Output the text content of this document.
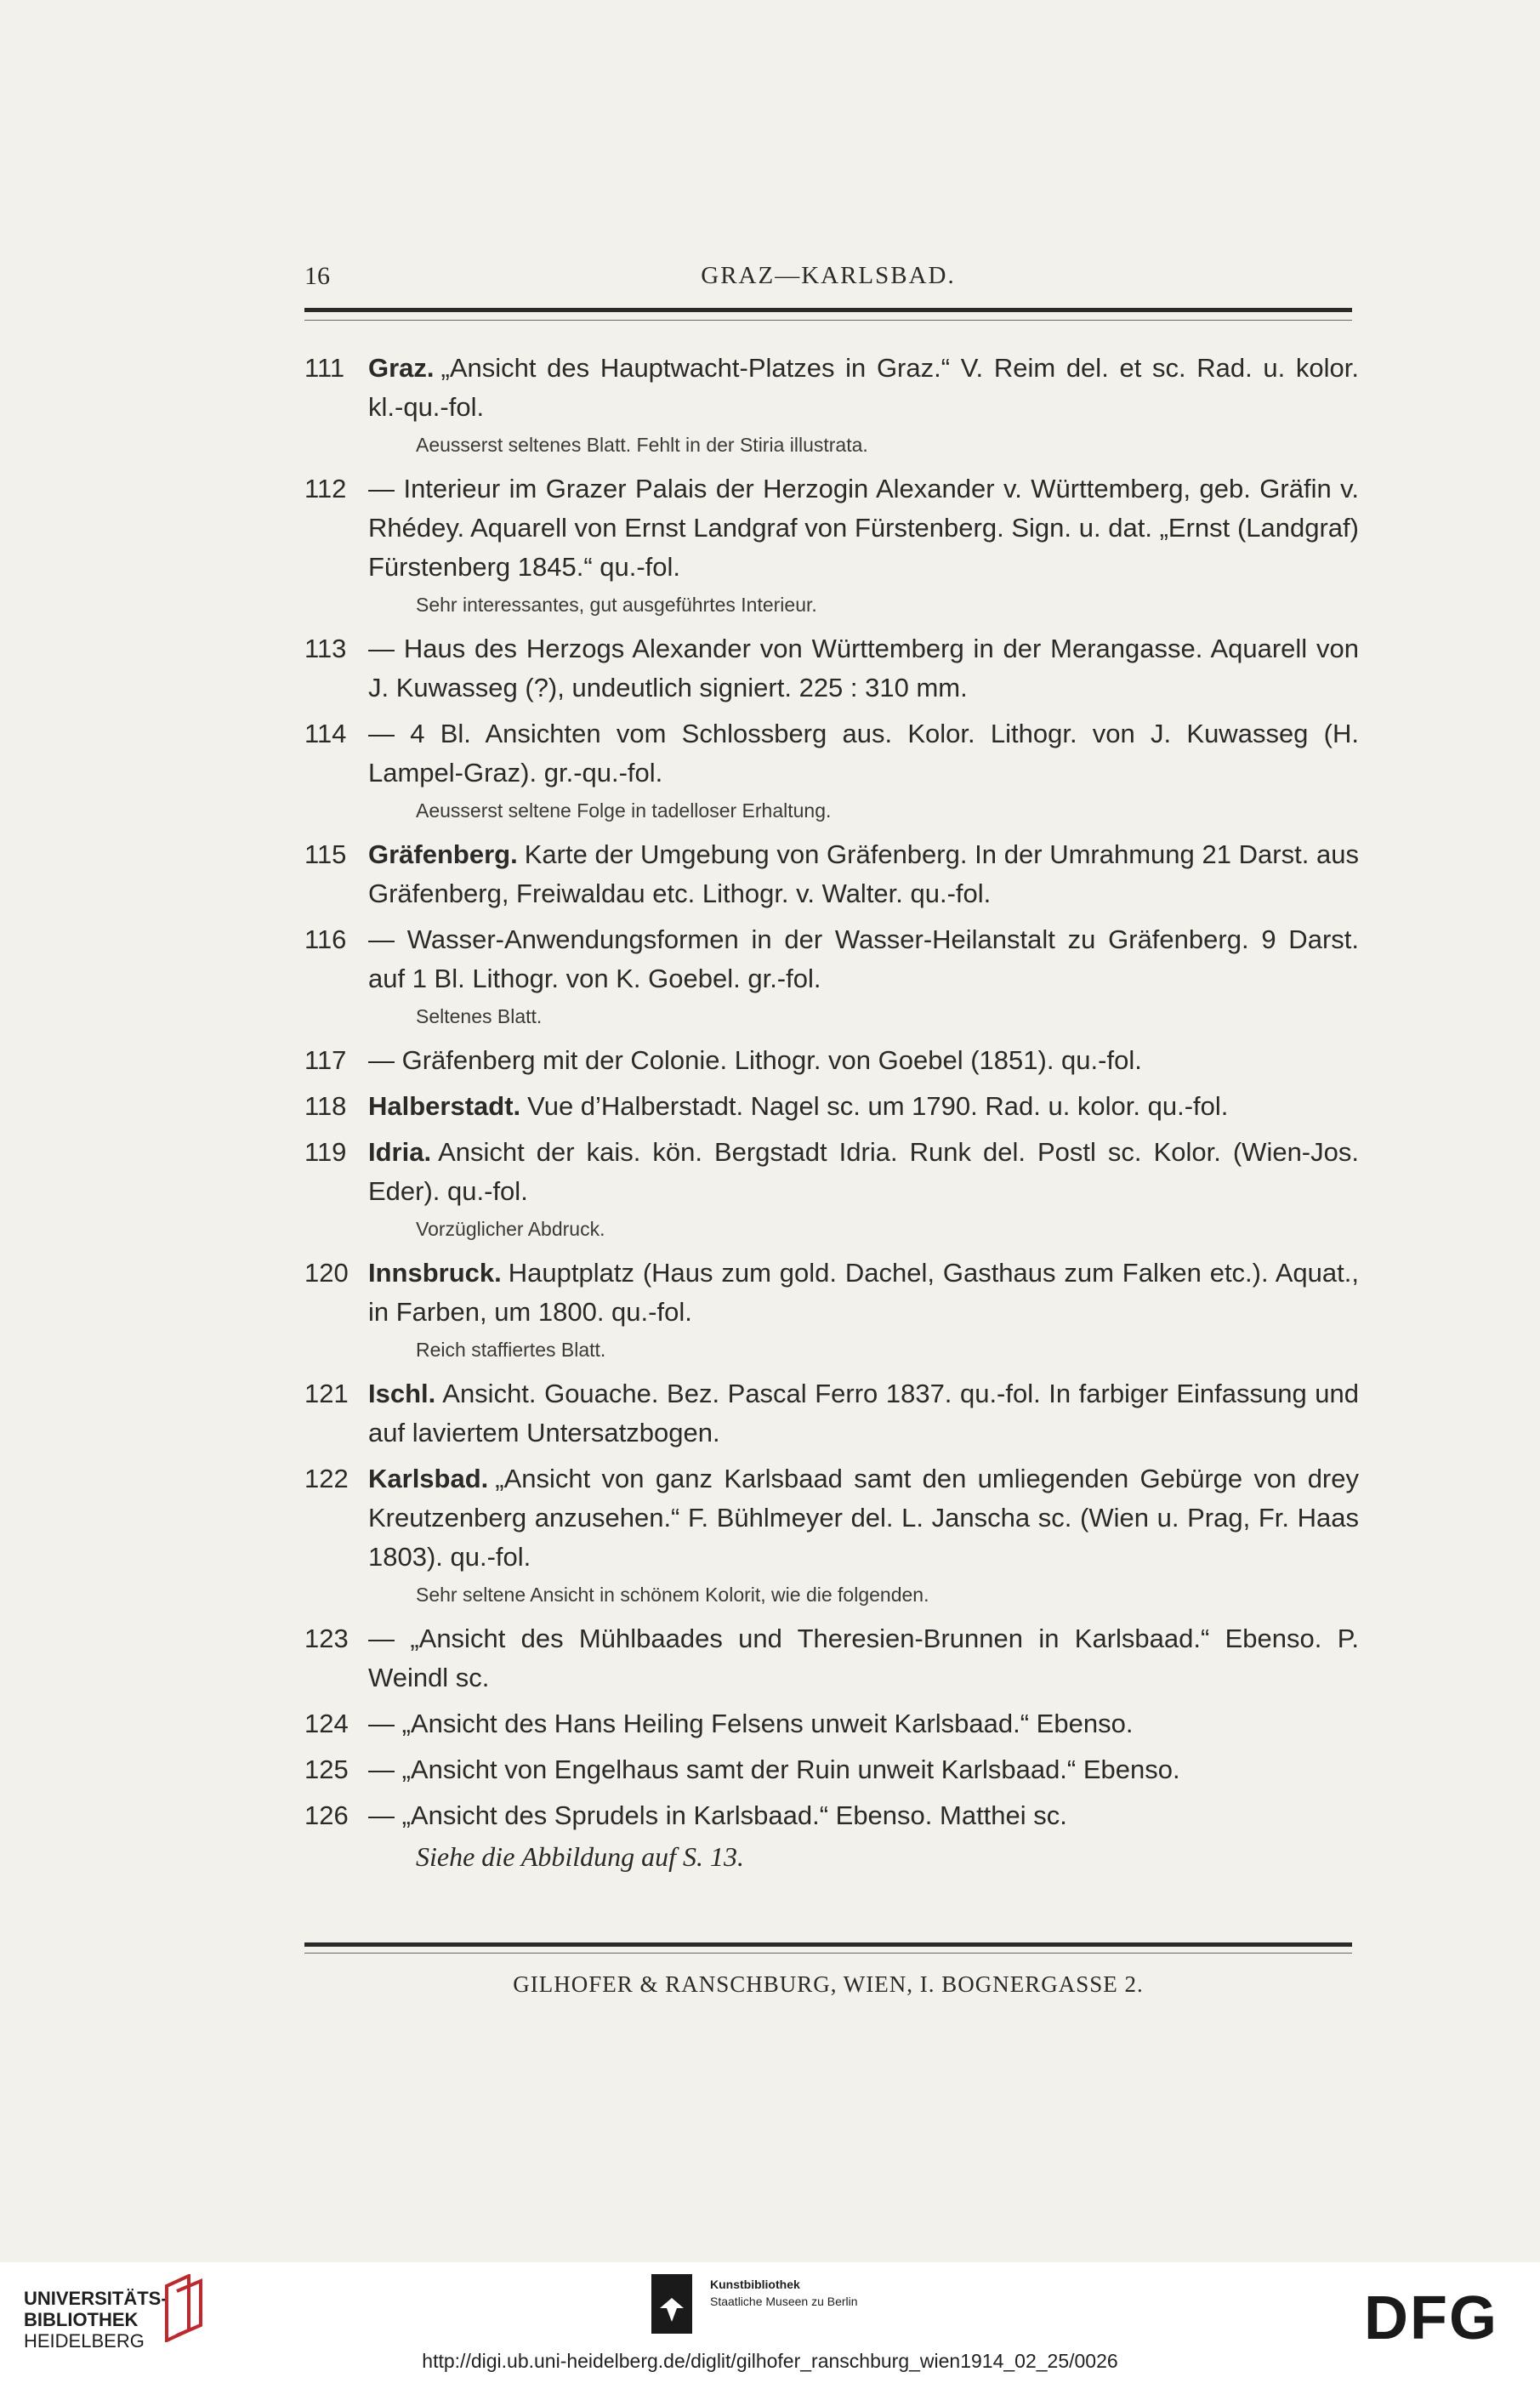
16	GRAZ—KARLSBAD.
111 Graz. „Ansicht des Hauptwacht-Platzes in Graz.“ V. Reim del. et sc. Rad. u. kolor. kl.-qu.-fol.
Aeusserst seltenes Blatt. Fehlt in der Stiria illustrata.
112 — Interieur im Grazer Palais der Herzogin Alexander v. Württemberg, geb. Gräfin v. Rhédey. Aquarell von Ernst Landgraf von Fürstenberg. Sign. u. dat. „Ernst (Landgraf) Fürstenberg 1845.“ qu.-fol.
Sehr interessantes, gut ausgeführtes Interieur.
113 — Haus des Herzogs Alexander von Württemberg in der Merangasse. Aquarell von J. Kuwasseg (?), undeutlich signiert. 225 : 310 mm.
114 — 4 Bl. Ansichten vom Schlossberg aus. Kolor. Lithogr. von J. Kuwasseg (H. Lampel-Graz). gr.-qu.-fol.
Aeusserst seltene Folge in tadelloser Erhaltung.
115 Gräfenberg. Karte der Umgebung von Gräfenberg. In der Umrahmung 21 Darst. aus Gräfenberg, Freiwaldau etc. Lithogr. v. Walter. qu.-fol.
116 — Wasser-Anwendungsformen in der Wasser-Heilanstalt zu Gräfenberg. 9 Darst. auf 1 Bl. Lithogr. von K. Goebel. gr.-fol.
Seltenes Blatt.
117 — Gräfenberg mit der Colonie. Lithogr. von Goebel (1851). qu.-fol.
118 Halberstadt. Vue d’Halberstadt. Nagel sc. um 1790. Rad. u. kolor. qu.-fol.
119 Idria. Ansicht der kais. kön. Bergstadt Idria. Runk del. Postl sc. Kolor. (Wien-Jos. Eder). qu.-fol.
Vorzüglicher Abdruck.
120 Innsbruck. Hauptplatz (Haus zum gold. Dachel, Gasthaus zum Falken etc.). Aquat., in Farben, um 1800. qu.-fol.
Reich staffiertes Blatt.
121 Ischl. Ansicht. Gouache. Bez. Pascal Ferro 1837. qu.-fol. In farbiger Einfassung und auf laviertem Untersatzbogen.
122 Karlsbad. „Ansicht von ganz Karlsbaad samt den umliegenden Gebürge von drey Kreutzenberg anzusehen.“ F. Bühlmeyer del. L. Janscha sc. (Wien u. Prag, Fr. Haas 1803). qu.-fol.
Sehr seltene Ansicht in schönem Kolorit, wie die folgenden.
123 — „Ansicht des Mühlbaades und Theresien-Brunnen in Karlsbaad.“ Ebenso. P. Weindl sc.
124 — „Ansicht des Hans Heiling Felsens unweit Karlsbaad.“ Ebenso.
125 — „Ansicht von Engelhaus samt der Ruin unweit Karlsbaad.“ Ebenso.
126 — „Ansicht des Sprudels in Karlsbaad.“ Ebenso. Matthei sc.
Siehe die Abbildung auf S. 13.
GILHOFER & RANSCHBURG, WIEN, I. BOGNERGASSE 2.
UNIVERSITÄTS-
BIBLIOTHEK
HEIDELBERG
Kunstbibliothek
Staatliche Museen zu Berlin	DFG
http://digi.ub.uni-heidelberg.de/diglit/gilhofer_ranschburg_wien1914_02_25/0026
